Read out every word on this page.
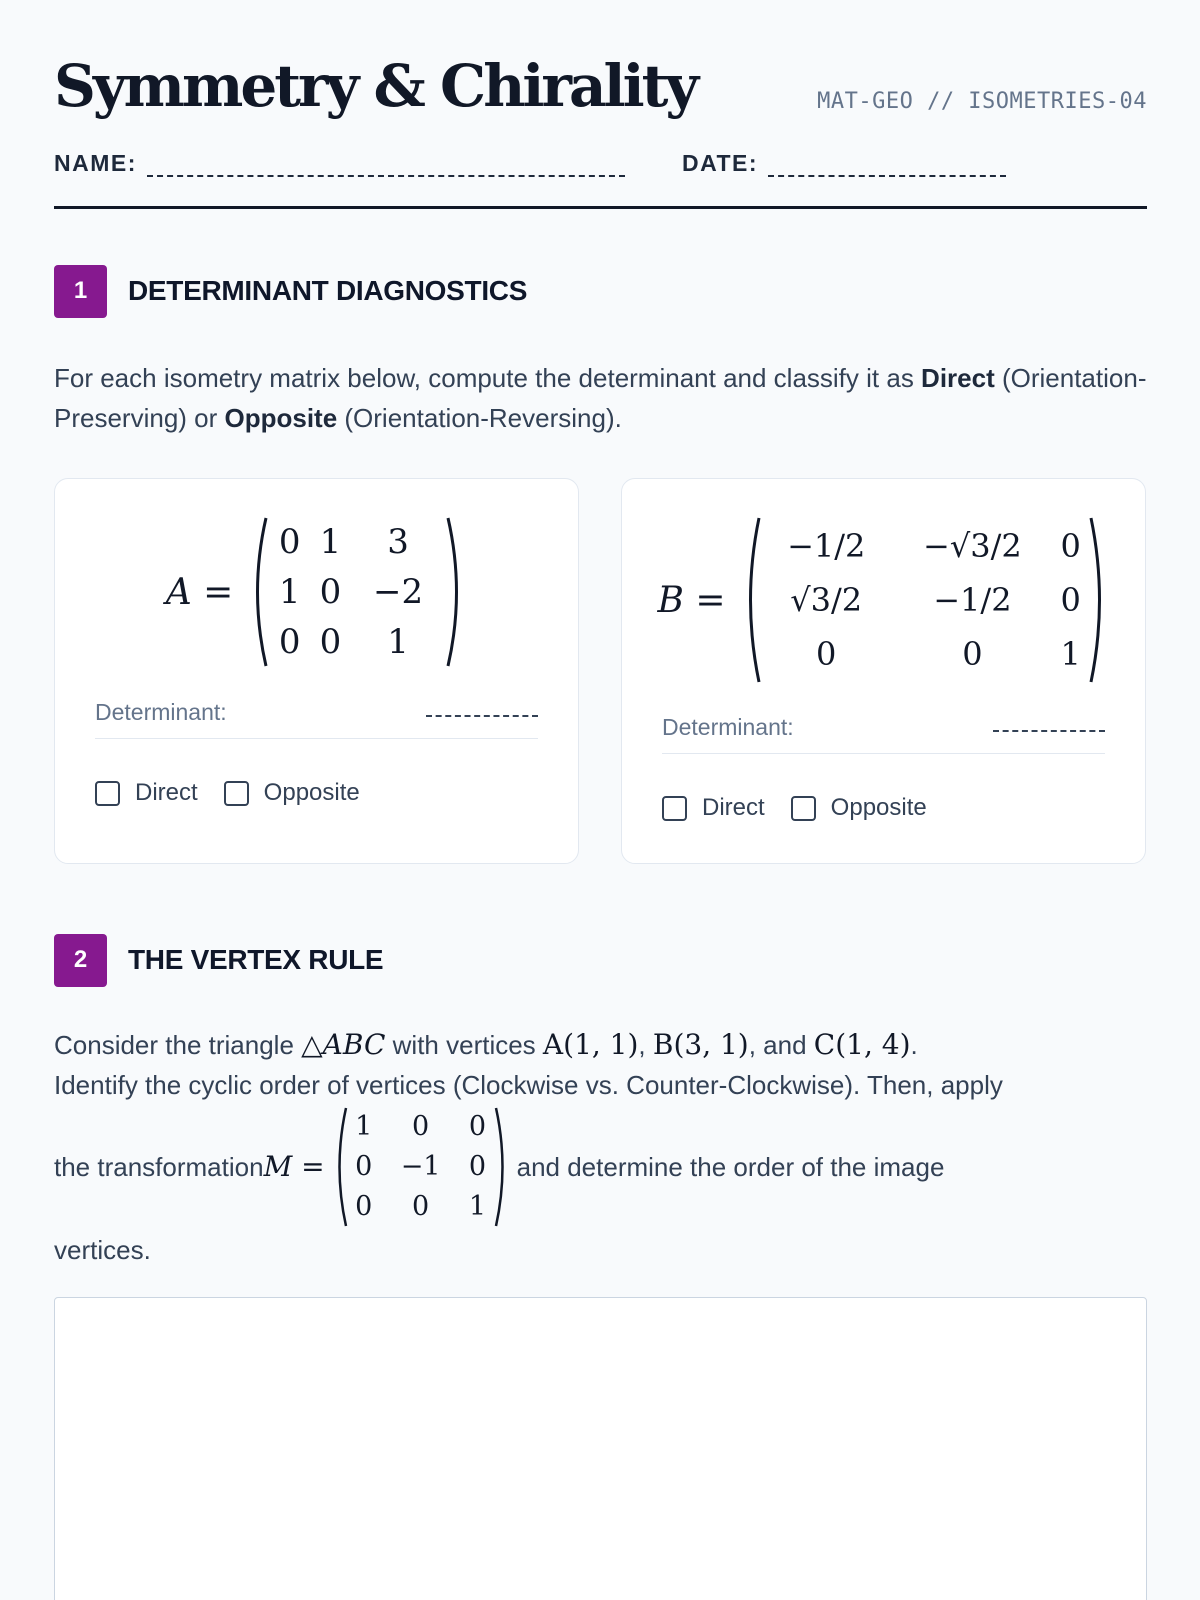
Symmetry & Chirality	MAT-GEO // ISOMETRIES-04
NAME:	DATE:
1	DETERMINANT DIAGNOSTICS
For each isometry matrix below, compute the determinant and classify it as Direct (Orientation-Preserving) or Opposite (Orientation-Reversing).
A =
0	1	3
1	0	−2
0	0	1
Determinant:
Direct	Opposite
B =
−1/2	−√3/2	0
√3/2	−1/2	0
0	0	1
Determinant:
Direct	Opposite
2	THE VERTEX RULE
Consider the triangle △ABC with vertices A(1, 1), B(3, 1), and C(1, 4).
Identify the cyclic order of vertices (Clockwise vs. Counter-Clockwise). Then, apply
the transformation M =
1	0	0
0	−1	0
0	0	1
and determine the order of the image
vertices.
